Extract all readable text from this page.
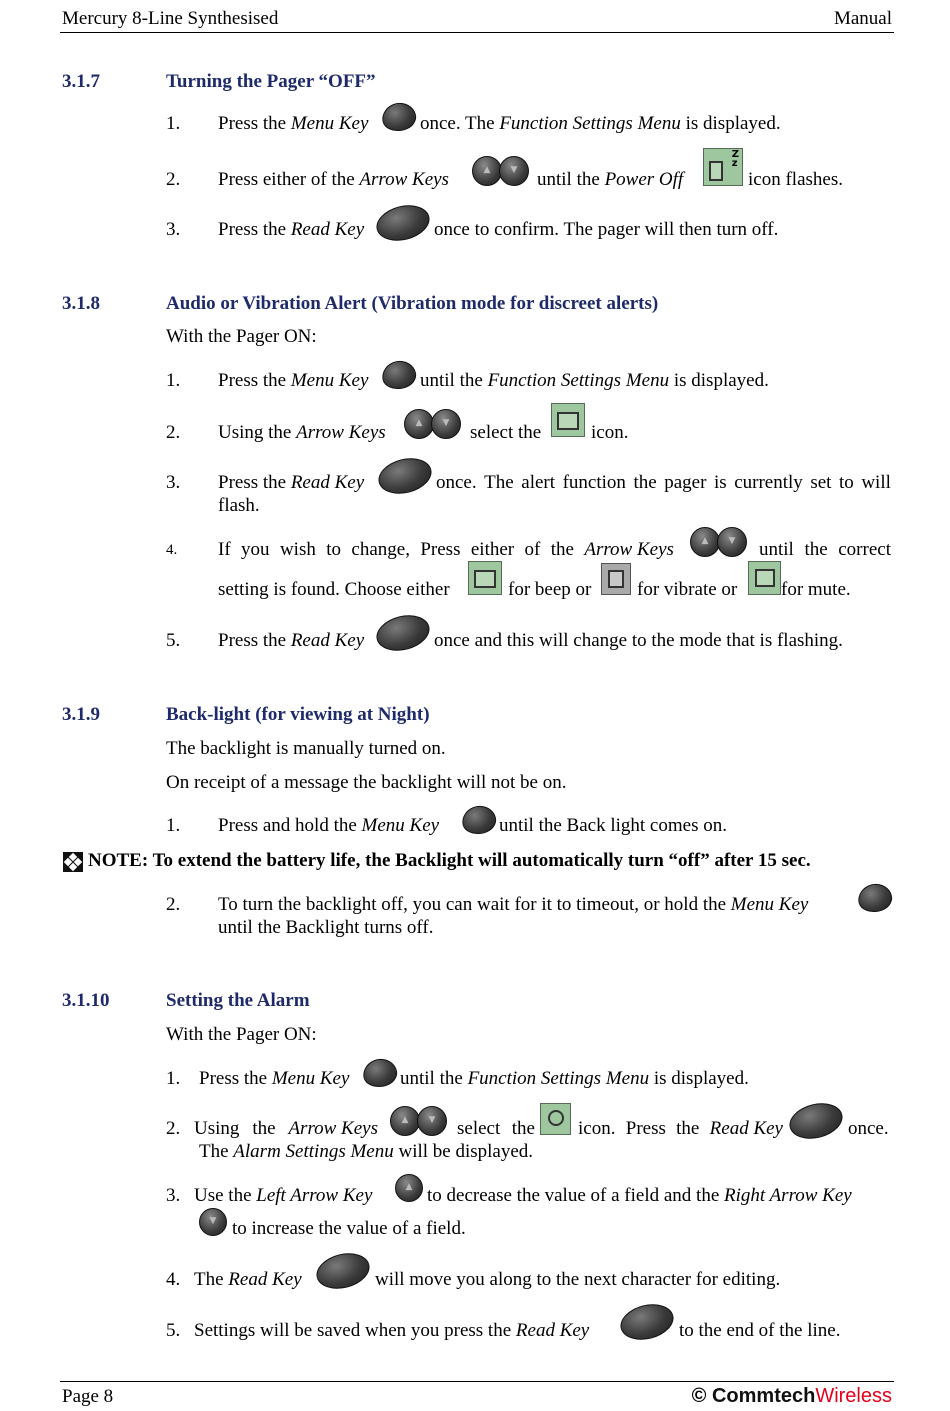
Mercury 8-Line Synthesised	Manual
3.1.7	Turning the Pager “OFF”
1. Press the Menu Key	once. The Function Settings Menu is displayed.
2. Press either of the Arrow Keys	▲	▼	until the Power Off
Z
z
icon flashes.
3. Press the Read Key	once to confirm. The pager will then turn off.
3.1.8	Audio or Vibration Alert (Vibration mode for discreet alerts)
With the Pager ON:
1. Press the Menu Key	until the Function Settings Menu is displayed.
2. Using the Arrow Keys	▲	▼	select the	icon.
3. Press the Read Key	once. The alert function the pager is currently set to will
flash.
4. If you wish to change, Press either of the Arrow Keys	▲	▼	until the correct
setting is found. Choose either	for beep or for vibrate or for mute.
5. Press the Read Key	once and this will change to the mode that is flashing.
3.1.9	Back-light (for viewing at Night)
The backlight is manually turned on.
On receipt of a message the backlight will not be on.
1. Press and hold the Menu Key	until the Back light comes on.
NOTE: To extend the battery life, the Backlight will automatically turn “off” after 15 sec.
2. To turn the backlight off, you can wait for it to timeout, or hold the Menu Key
until the Backlight turns off.
3.1.10	Setting the Alarm
With the Pager ON:
1. Press the Menu Key	until the Function Settings Menu is displayed.
2. Using the Arrow Keys	▲	▼	select the icon. Press the Read Key	once.
The Alarm Settings Menu will be displayed.
3. Use the Left Arrow Key	▲ to decrease the value of a field and the Right Arrow Key
▼ to increase the value of a field.
4. The Read Key	will move you along to the next character for editing.
5. Settings will be saved when you press the Read Key	to the end of the line.
Page 8	© CommtechWireless
